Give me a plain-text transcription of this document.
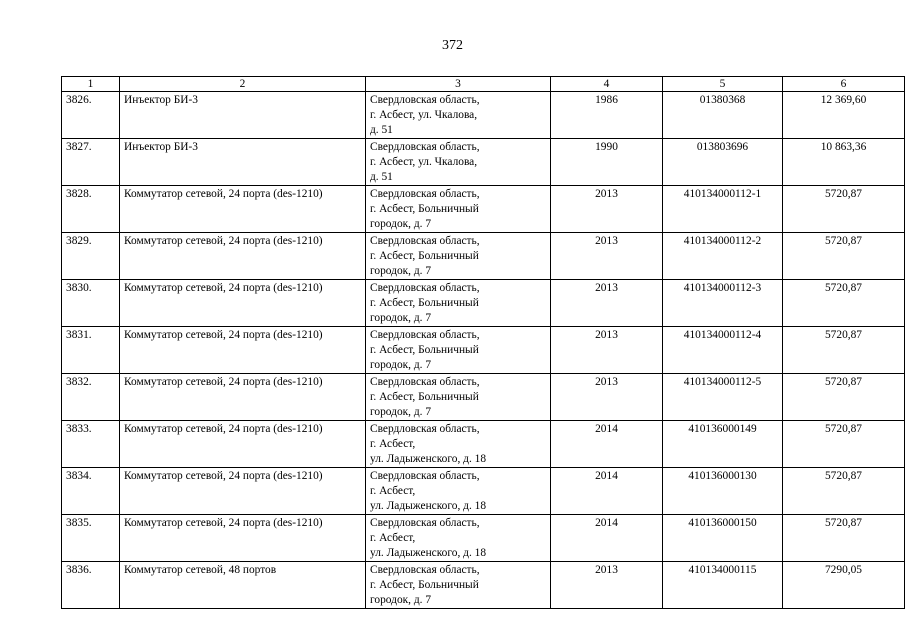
372
1	2	3	4	5	6
3826.	Инъектор БИ-3	Свердловская область,
г. Асбест, ул. Чкалова,
д. 51	1986	01380368	12 369,60
3827.	Инъектор БИ-3	Свердловская область,
г. Асбест, ул. Чкалова,
д. 51	1990	013803696	10 863,36
3828.	Коммутатор сетевой, 24 порта (des-1210)	Свердловская область,
г. Асбест, Больничный
городок, д. 7	2013	410134000112-1	5720,87
3829.	Коммутатор сетевой, 24 порта (des-1210)	Свердловская область,
г. Асбест, Больничный
городок, д. 7	2013	410134000112-2	5720,87
3830.	Коммутатор сетевой, 24 порта (des-1210)	Свердловская область,
г. Асбест, Больничный
городок, д. 7	2013	410134000112-3	5720,87
3831.	Коммутатор сетевой, 24 порта (des-1210)	Свердловская область,
г. Асбест, Больничный
городок, д. 7	2013	410134000112-4	5720,87
3832.	Коммутатор сетевой, 24 порта (des-1210)	Свердловская область,
г. Асбест, Больничный
городок, д. 7	2013	410134000112-5	5720,87
3833.	Коммутатор сетевой, 24 порта (des-1210)	Свердловская область,
г. Асбест,
ул. Ладыженского, д. 18	2014	410136000149	5720,87
3834.	Коммутатор сетевой, 24 порта (des-1210)	Свердловская область,
г. Асбест,
ул. Ладыженского, д. 18	2014	410136000130	5720,87
3835.	Коммутатор сетевой, 24 порта (des-1210)	Свердловская область,
г. Асбест,
ул. Ладыженского, д. 18	2014	410136000150	5720,87
3836.	Коммутатор сетевой, 48 портов	Свердловская область,
г. Асбест, Больничный
городок, д. 7	2013	410134000115	7290,05
